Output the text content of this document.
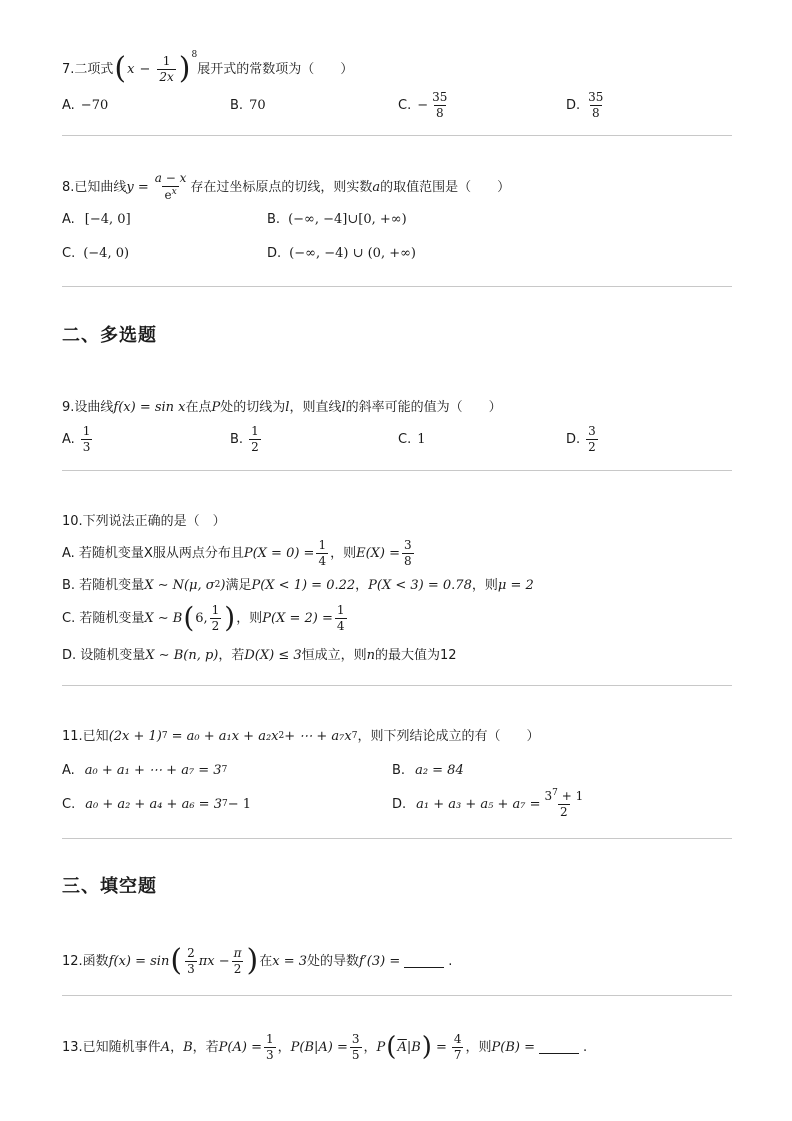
7.二项式 ( $x - \frac{1}{2x} )^8$
展开式的常数项为（　　）
A. −70	B. 70	C. − $\frac{35}{8}$	D. $\frac{35}{8}$
8.已知曲线 $y = \frac{a - x}{e^x}$ 存在过坐标原点的切线，则实数 a 的取值范围是（　　）
A. [−4, 0]	B. (−∞, −4]∪[0, +∞)
C. (−4, 0)	D. (−∞, −4) ∪ (0, +∞)
二、多选题
9.设曲线 f(x) = sin x 在点 P 处的切线为 l ，则直线 l 的斜率可能的值为（　　）
A. $\frac{1}{3}$	B. $\frac{1}{2}$	C. 1	D. $\frac{3}{2}$
10.下列说法正确的是（　）
A. 若随机变量X服从两点分布且 $P(X = 0) = \frac{1}{4}$ ，则 $E(X) = \frac{3}{8}$
B. 若随机变量 X ∼ N(μ, σ 2 ) 满足 P(X < 1) = 0.22 ， P(X < 3) = 0.78 ，则 μ = 2
C. 若随机变量 X ∼ B ( 6, $\frac{1}{2}$ ) ，则 $P(X = 2) = \frac{1}{4}$
D. 设随机变量 X ∼ B(n, p) ，若 D(X) ≤ 3 恒成立，则 n 的最大值为12
11.已知 (2x + 1) 7 = a₀ + a₁x + a₂x 2 + ⋯ + a₇x 7 ，则下列结论成立的有（　　）
A. a₀ + a₁ + ⋯ + a₇ = 3 7	B. a₂ = 84
C. a₀ + a₂ + a₄ + a₆ = 3 7 − 1	D. $a_1 + a_3 + a_5 + a_7 = \frac{3^7 + 1}{2}$
三、填空题
12.函数 f(x) = sin ( $\frac{2}{3}$ $\pi x - \frac{\pi}{2}$ ) 在 x = 3 处的导数 f′(3) =	.
13.已知随机事件 A ， B ，若 $P(A) = \frac{1}{3}$ ， $P(B|A) = \frac{3}{5}$ ， P ( $\overline{A}$ |B ) = $\frac{4}{7}$ ，则 P(B) =	.
